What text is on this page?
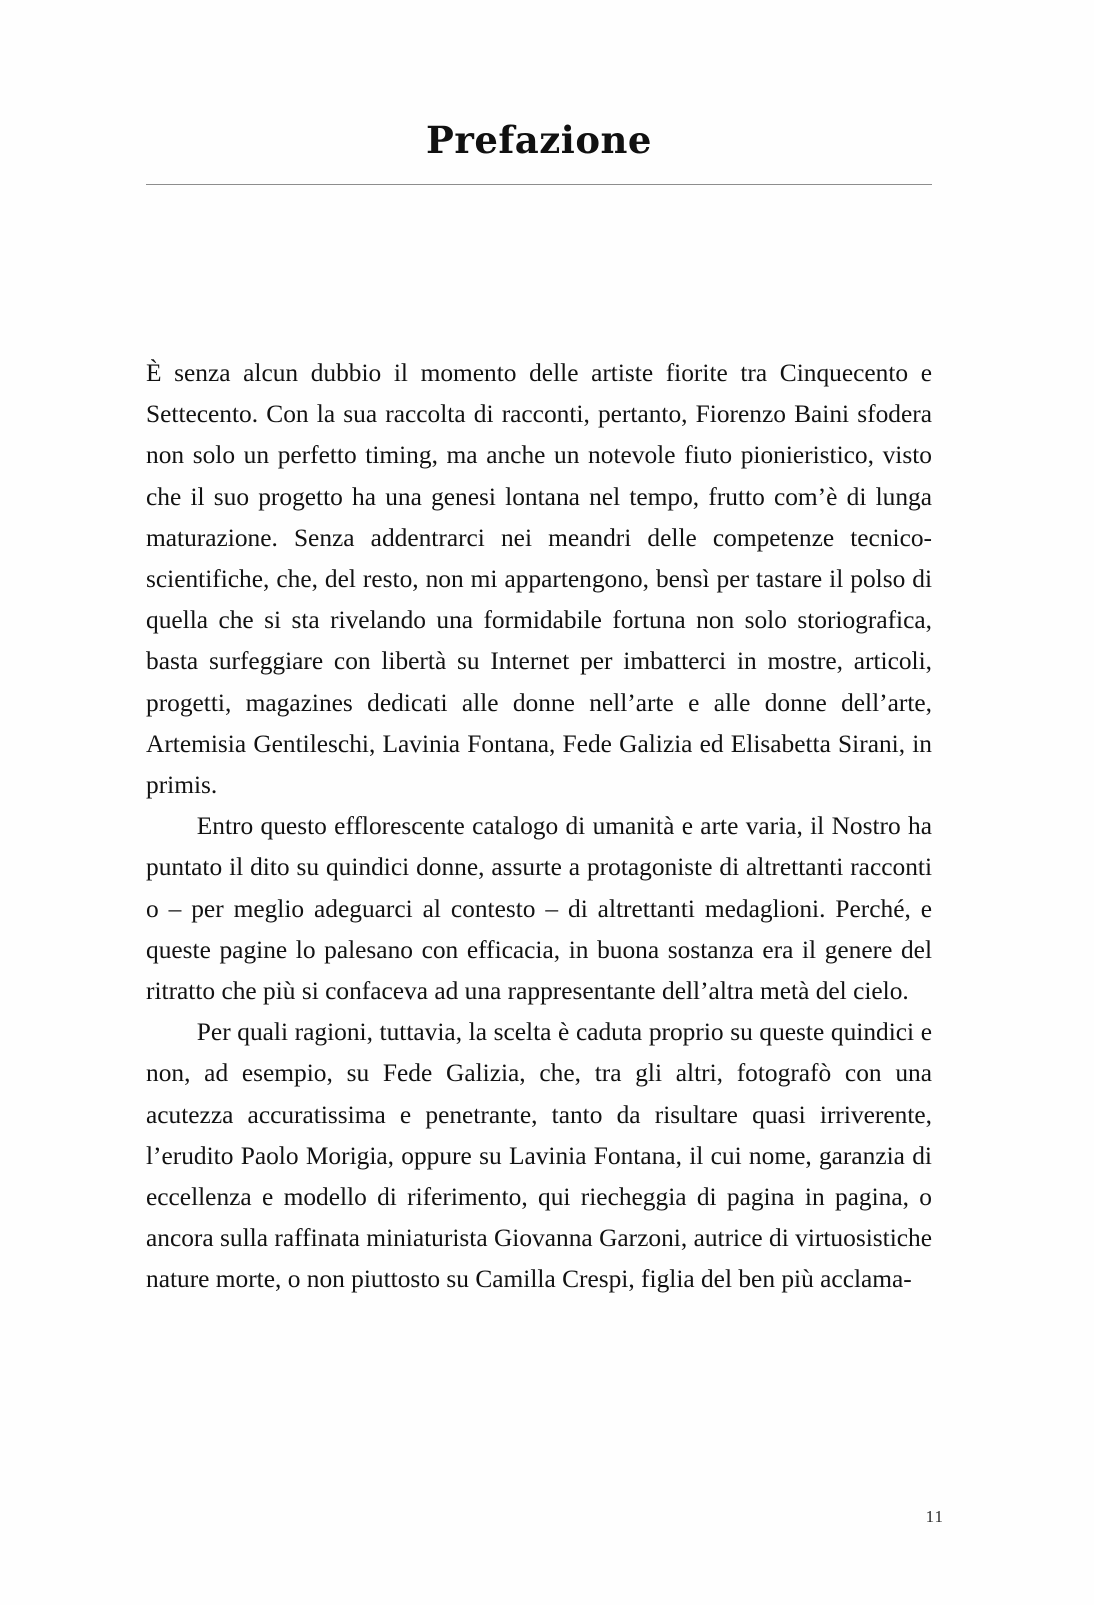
Prefazione

È senza alcun dubbio il momento delle artiste fiorite tra Cinquecento e Settecento. Con la sua raccolta di racconti, pertanto, Fiorenzo Baini sfodera non solo un perfetto timing, ma anche un notevole fiuto pionieristico, visto che il suo progetto ha una genesi lontana nel tempo, frutto com’è di lunga maturazione. Senza addentrarci nei meandri delle competenze tecnico-scientifiche, che, del resto, non mi appartengono, bensì per tastare il polso di quella che si sta rivelando una formidabile fortuna non solo storiografica, basta surfeggiare con libertà su Internet per imbatterci in mostre, articoli, progetti, magazines dedicati alle donne nell’arte e alle donne dell’arte, Artemisia Gentileschi, Lavinia Fontana, Fede Galizia ed Elisabetta Sirani, in primis.

Entro questo efflorescente catalogo di umanità e arte varia, il Nostro ha puntato il dito su quindici donne, assurte a protagoniste di altrettanti racconti o – per meglio adeguarci al contesto – di altrettanti medaglioni. Perché, e queste pagine lo palesano con efficacia, in buona sostanza era il genere del ritratto che più si confaceva ad una rappresentante dell’altra metà del cielo.

Per quali ragioni, tuttavia, la scelta è caduta proprio su queste quindici e non, ad esempio, su Fede Galizia, che, tra gli altri, fotografò con una acutezza accuratissima e penetrante, tanto da risultare quasi irriverente, l’erudito Paolo Morigia, oppure su Lavinia Fontana, il cui nome, garanzia di eccellenza e modello di riferimento, qui riecheggia di pagina in pagina, o ancora sulla raffinata miniaturista Giovanna Garzoni, autrice di virtuosistiche nature morte, o non piuttosto su Camilla Crespi, figlia del ben più acclama-

11
